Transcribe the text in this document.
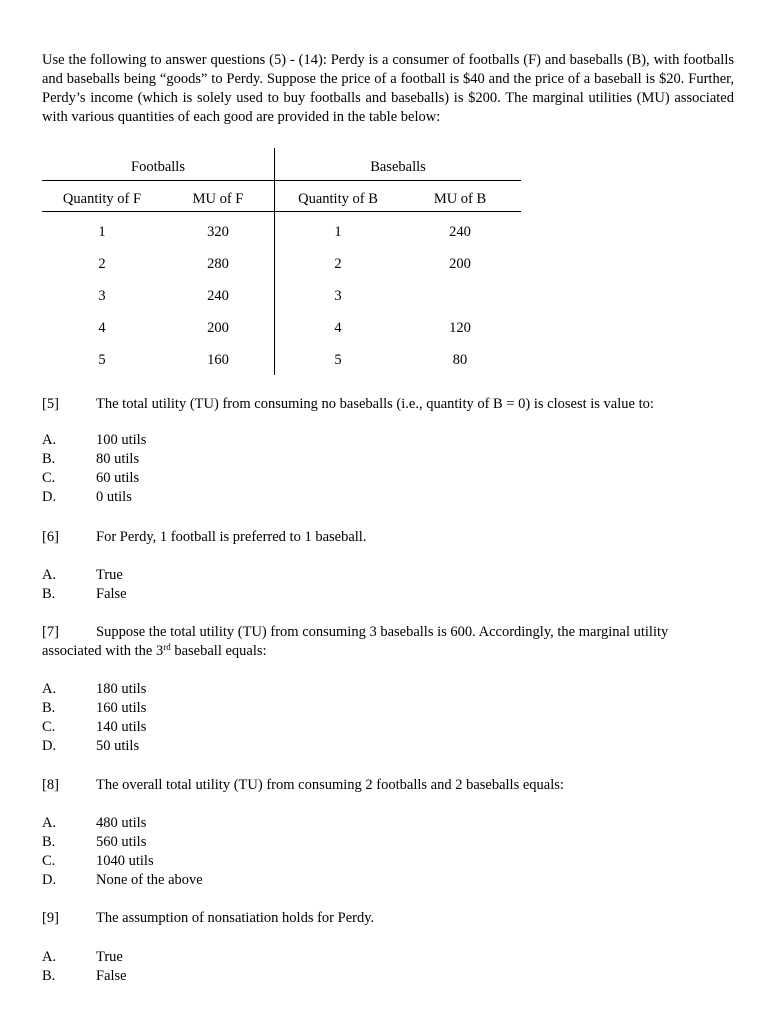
Use the following to answer questions (5) - (14): Perdy is a consumer of footballs (F) and baseballs (B), with footballs and baseballs being “goods” to Perdy. Suppose the price of a football is $40 and the price of a baseball is $20. Further, Perdy’s income (which is solely used to buy footballs and baseballs) is $200. The marginal utilities (MU) associated with various quantities of each good are provided in the table below:

Footballs	Baseballs
Quantity of F	MU of F	Quantity of B	MU of B
1	320	1	240
2	280	2	200
3	240	3
4	200	4	120
5	160	5	80
[5]	The total utility (TU) from consuming no baseballs (i.e., quantity of B = 0) is closest is value to:
A.	100 utils
B.	80 utils
C.	60 utils
D.	0 utils
[6]	For Perdy, 1 football is preferred to 1 baseball.
A.	True
B.	False
[7]	Suppose the total utility (TU) from consuming 3 baseballs is 600. Accordingly, the marginal utility
associated with the 3rd baseball equals:
A.	180 utils
B.	160 utils
C.	140 utils
D.	50 utils
[8]	The overall total utility (TU) from consuming 2 footballs and 2 baseballs equals:
A.	480 utils
B.	560 utils
C.	1040 utils
D.	None of the above
[9]	The assumption of nonsatiation holds for Perdy.
A.	True
B.	False
